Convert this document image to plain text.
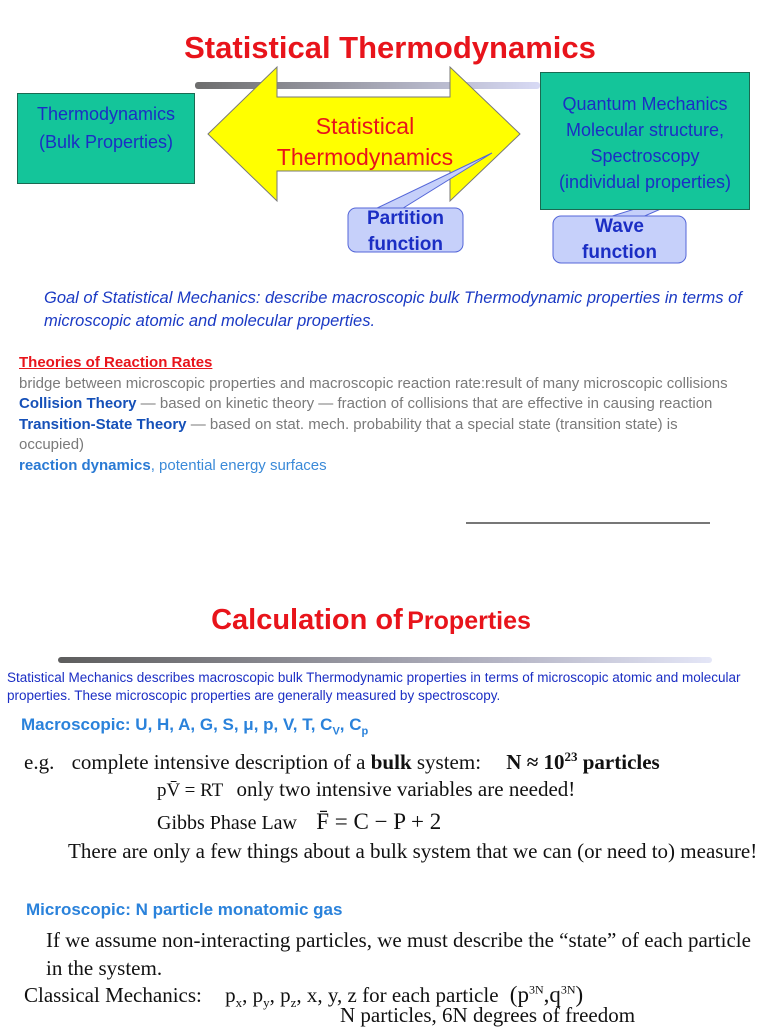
Statistical Thermodynamics
Thermodynamics
(Bulk Properties)
Quantum Mechanics
Molecular structure,
Spectroscopy
(individual properties)
Statistical
Thermodynamics
Partition
function
Wave
function
Goal of Statistical Mechanics: describe macroscopic bulk Thermodynamic properties in terms of microscopic atomic and molecular properties.
Theories of Reaction Rates
bridge between microscopic properties and macroscopic reaction rate:result of many microscopic collisions
Collision Theory — based on kinetic theory — fraction of collisions that are effective in causing reaction
Transition-State Theory — based on stat. mech. probability that a special state (transition state) is occupied)
reaction dynamics, potential energy surfaces
Calculation of Properties
Statistical Mechanics describes macroscopic bulk Thermodynamic properties in terms of microscopic atomic and molecular properties. These microscopic properties are generally measured by spectroscopy.
Macroscopic: U, H, A, G, S, μ, p, V, T, $C_V$, $C_p$
e.g. complete intensive description of a bulk system: $N \approx 10^{23}$ particles
pV̄ = RT only two intensive variables are needed!
Gibbs Phase Law F̄ = C − P + 2
There are only a few things about a bulk system that we can (or need to) measure!
Microscopic: N particle monatomic gas
If we assume non-interacting particles, we must describe the “state” of each particle in the system.
Classical Mechanics: $p_x$, $p_y$, $p_z$, x, y, z for each particle $(p^{3N},q^{3N})$
N particles, 6N degrees of freedom
